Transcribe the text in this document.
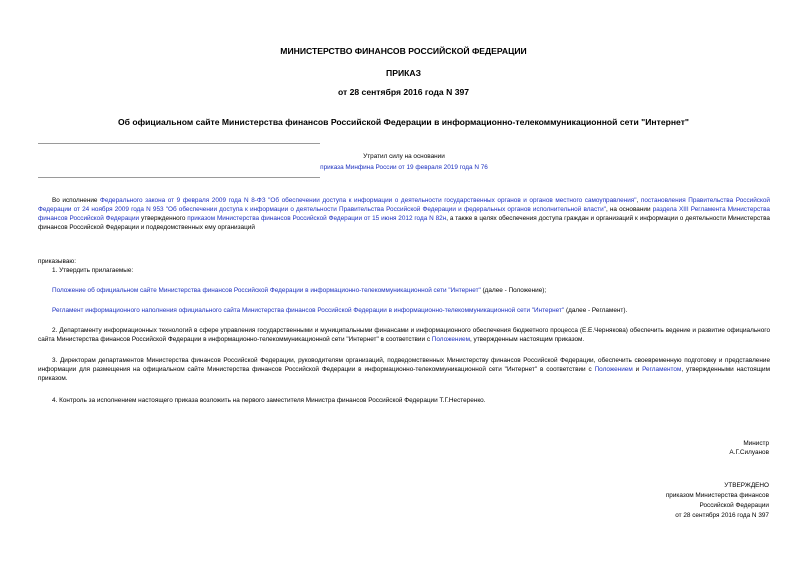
МИНИСТЕРСТВО ФИНАНСОВ РОССИЙСКОЙ ФЕДЕРАЦИИ
ПРИКАЗ
от 28 сентября 2016 года N 397
Об официальном сайте Министерства финансов Российской Федерации в информационно-телекоммуникационной сети "Интернет"
Утратил силу на основании
приказа Минфина России от 19 февраля 2019 года N 76
Во исполнение Федерального закона от 9 февраля 2009 года N 8-ФЗ "Об обеспечении доступа к информации о деятельности государственных органов и органов местного самоуправления", постановления Правительства Российской Федерации от 24 ноября 2009 года N 953 "Об обеспечении доступа к информации о деятельности Правительства Российской Федерации и федеральных органов исполнительной власти", на основании раздела XIII Регламента Министерства финансов Российской Федерации утвержденного приказом Министерства финансов Российской Федерации от 15 июня 2012 года N 82н, а также в целях обеспечения доступа граждан и организаций к информации о деятельности Министерства финансов Российской Федерации и подведомственных ему организаций
приказываю:
1. Утвердить прилагаемые:
Положение об официальном сайте Министерства финансов Российской Федерации в информационно-телекоммуникационной сети "Интернет" (далее - Положение);
Регламент информационного наполнения официального сайта Министерства финансов Российской Федерации в информационно-телекоммуникационной сети "Интернет" (далее - Регламент).
2. Департаменту информационных технологий в сфере управления государственными и муниципальными финансами и информационного обеспечения бюджетного процесса (Е.Е.Чернякова) обеспечить ведение и развитие официального сайта Министерства финансов Российской Федерации в информационно-телекоммуникационной сети "Интернет" в соответствии с Положением, утвержденным настоящим приказом.
3. Директорам департаментов Министерства финансов Российской Федерации, руководителям организаций, подведомственных Министерству финансов Российской Федерации, обеспечить своевременную подготовку и представление информации для размещения на официальном сайте Министерства финансов Российской Федерации в информационно-телекоммуникационной сети "Интернет" в соответствии с Положением и Регламентом, утвержденными настоящим приказом.
4. Контроль за исполнением настоящего приказа возложить на первого заместителя Министра финансов Российской Федерации Т.Г.Нестеренко.
Министр
А.Г.Силуанов
УТВЕРЖДЕНО
приказом Министерства финансов
Российской Федерации
от 28 сентября 2016 года N 397
